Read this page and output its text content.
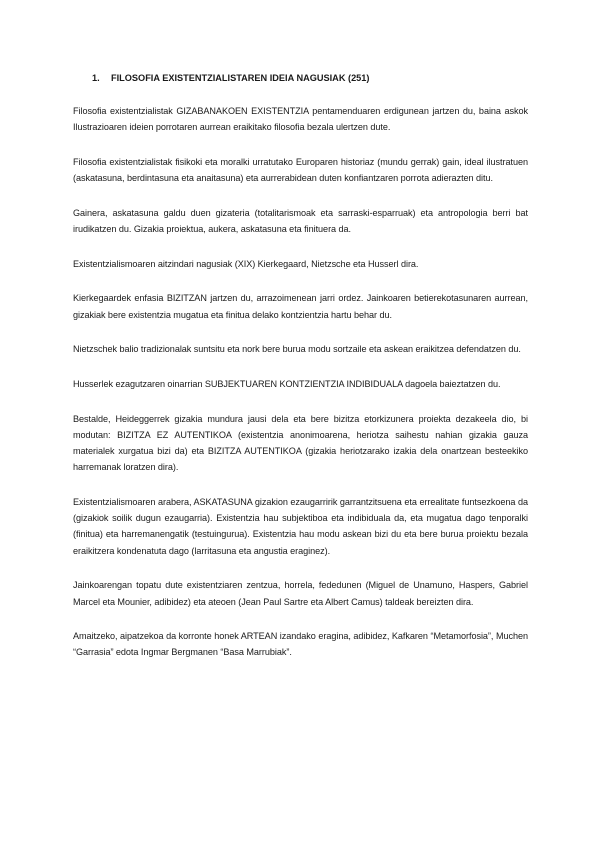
1. FILOSOFIA EXISTENTZIALISTAREN IDEIA NAGUSIAK (251)

Filosofia existentzialistak GIZABANAKOEN EXISTENTZIA pentamenduaren erdigunean jartzen du, baina askok Ilustrazioaren ideien porrotaren aurrean eraikitako filosofia bezala ulertzen dute.

Filosofia existentzialistak fisikoki eta moralki urratutako Europaren historiaz (mundu gerrak) gain, ideal ilustratuen (askatasuna, berdintasuna eta anaitasuna) eta aurrerabidean duten konfiantzaren porrota adierazten ditu.

Gainera, askatasuna galdu duen gizateria (totalitarismoak eta sarraski-esparruak) eta antropologia berri bat irudikatzen du. Gizakia proiektua, aukera, askatasuna eta finituera da.

Existentzialismoaren aitzindari nagusiak (XIX) Kierkegaard, Nietzsche eta Husserl dira.

Kierkegaardek enfasia BIZITZAN jartzen du, arrazoimenean jarri ordez. Jainkoaren betierekotasunaren aurrean, gizakiak bere existentzia mugatua eta finitua delako kontzientzia hartu behar du.

Nietzschek balio tradizionalak suntsitu eta nork bere burua modu sortzaile eta askean eraikitzea defendatzen du.

Husserlek ezagutzaren oinarrian SUBJEKTUAREN KONTZIENTZIA INDIBIDUALA dagoela baieztatzen du.

Bestalde, Heideggerrek gizakia mundura jausi dela eta bere bizitza etorkizunera proiekta dezakeela dio, bi modutan: BIZITZA EZ AUTENTIKOA (existentzia anonimoarena, heriotza saihestu nahian gizakia gauza materialek xurgatua bizi da) eta BIZITZA AUTENTIKOA (gizakia heriotzarako izakia dela onartzean besteekiko harremanak loratzen dira).

Existentzialismoaren arabera, ASKATASUNA gizakion ezaugarririk garrantzitsuena eta errealitate funtsezkoena da (gizakiok soilik dugun ezaugarria). Existentzia hau subjektiboa eta indibiduala da, eta mugatua dago tenporalki (finitua) eta harremanengatik (testuingurua). Existentzia hau modu askean bizi du eta bere burua proiektu bezala eraikitzera kondenatuta dago (larritasuna eta angustia eraginez).

Jainkoarengan topatu dute existentziaren zentzua, horrela, fededunen (Miguel de Unamuno, Haspers, Gabriel Marcel eta Mounier, adibidez) eta ateoen (Jean Paul Sartre eta Albert Camus) taldeak bereizten dira.

Amaitzeko, aipatzekoa da korronte honek ARTEAN izandako eragina, adibidez, Kafkaren “Metamorfosia”, Muchen “Garrasia” edota Ingmar Bergmanen “Basa Marrubiak”.
